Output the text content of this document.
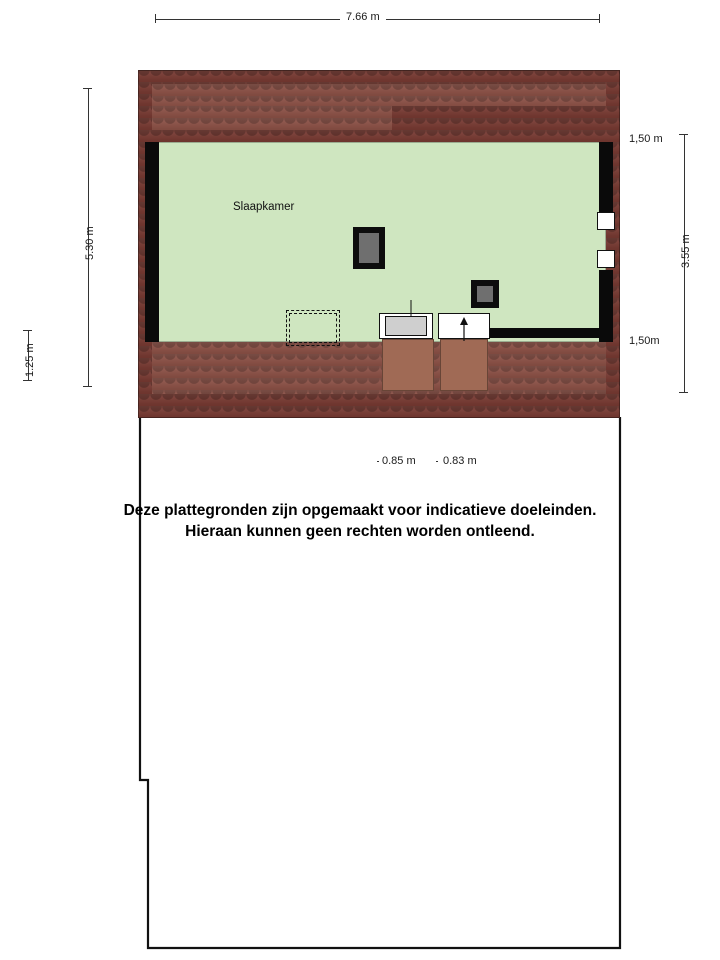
7.66 m
5.30 m
1.25 m
3.55 m
1,50 m
1,50m
0.85 m 0.83 m
Slaapkamer
Deze plattegronden zijn opgemaakt voor indicatieve doeleinden.
Hieraan kunnen geen rechten worden ontleend.
